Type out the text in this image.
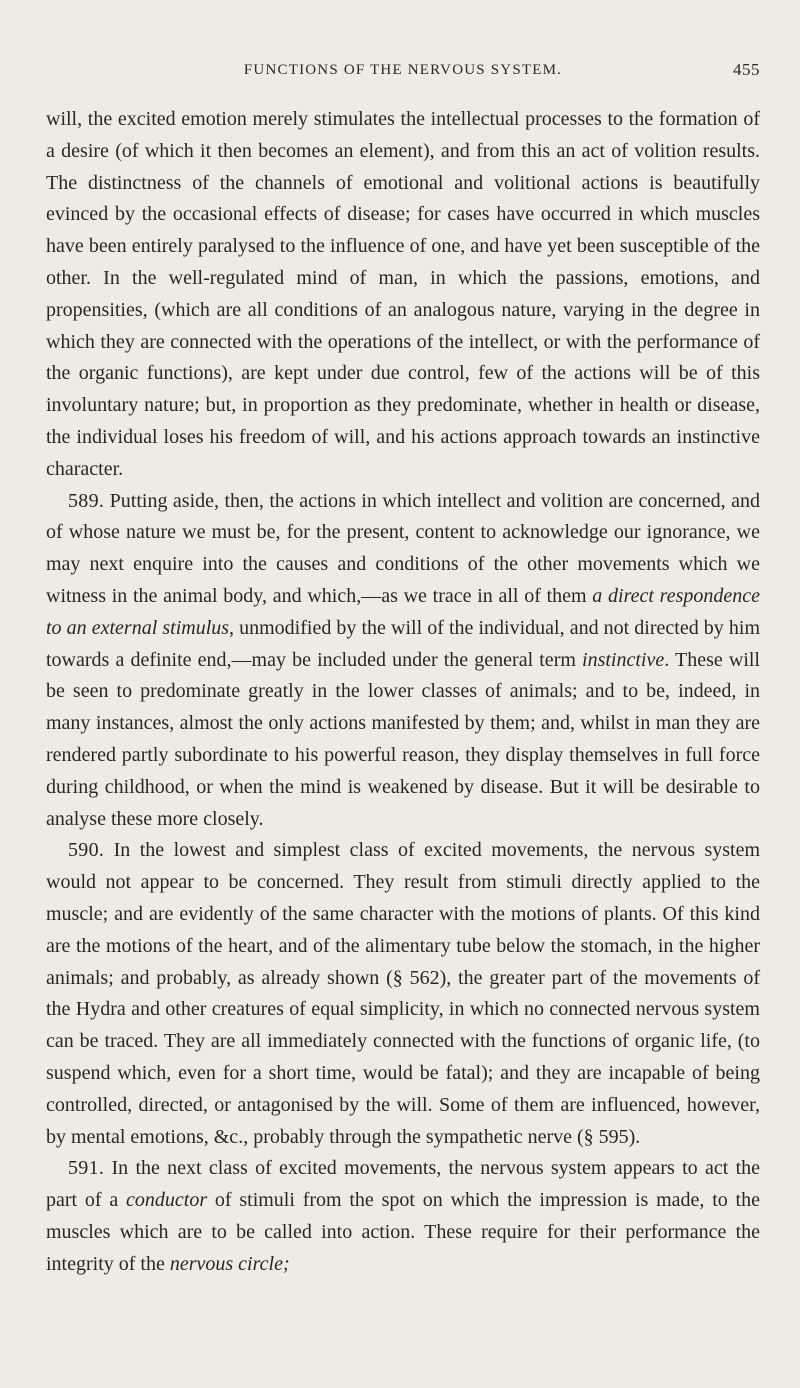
FUNCTIONS OF THE NERVOUS SYSTEM.	455

will, the excited emotion merely stimulates the intellectual processes to the formation of a desire (of which it then becomes an element), and from this an act of volition results. The distinctness of the channels of emotional and volitional actions is beautifully evinced by the occasional effects of disease; for cases have occurred in which muscles have been entirely paralysed to the influence of one, and have yet been susceptible of the other. In the well-regulated mind of man, in which the passions, emotions, and propensities, (which are all conditions of an analogous nature, varying in the degree in which they are connected with the operations of the intellect, or with the performance of the organic functions), are kept under due control, few of the actions will be of this involuntary nature; but, in proportion as they predominate, whether in health or disease, the individual loses his freedom of will, and his actions approach towards an instinctive character.

589. Putting aside, then, the actions in which intellect and volition are concerned, and of whose nature we must be, for the present, content to acknowledge our ignorance, we may next enquire into the causes and conditions of the other movements which we witness in the animal body, and which,—as we trace in all of them a direct respondence to an external stimulus, unmodified by the will of the individual, and not directed by him towards a definite end,—may be included under the general term instinctive. These will be seen to predominate greatly in the lower classes of animals; and to be, indeed, in many instances, almost the only actions manifested by them; and, whilst in man they are rendered partly subordinate to his powerful reason, they display themselves in full force during childhood, or when the mind is weakened by disease. But it will be desirable to analyse these more closely.

590. In the lowest and simplest class of excited movements, the nervous system would not appear to be concerned. They result from stimuli directly applied to the muscle; and are evidently of the same character with the motions of plants. Of this kind are the motions of the heart, and of the alimentary tube below the stomach, in the higher animals; and probably, as already shown (§ 562), the greater part of the movements of the Hydra and other creatures of equal simplicity, in which no connected nervous system can be traced. They are all immediately connected with the functions of organic life, (to suspend which, even for a short time, would be fatal); and they are incapable of being controlled, directed, or antagonised by the will. Some of them are influenced, however, by mental emotions, &c., probably through the sympathetic nerve (§ 595).

591. In the next class of excited movements, the nervous system appears to act the part of a conductor of stimuli from the spot on which the impression is made, to the muscles which are to be called into action. These require for their performance the integrity of the nervous circle;
